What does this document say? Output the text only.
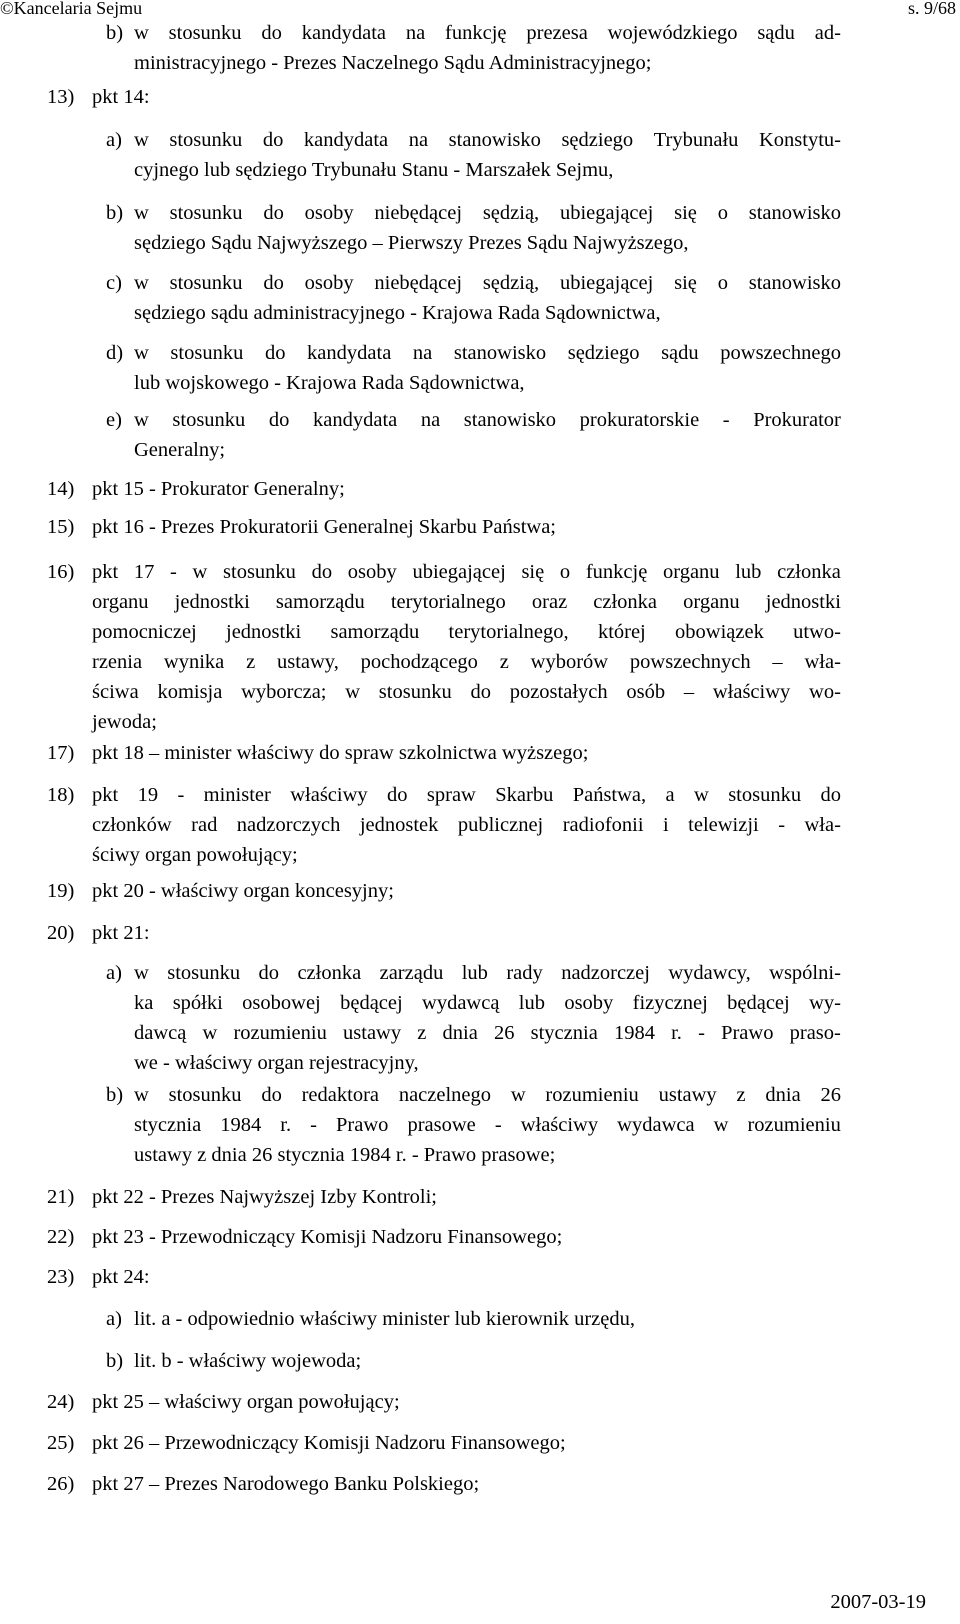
©Kancelaria Sejmu	s. 9/68
b) w stosunku do kandydata na funkcję prezesa wojewódzkiego sądu ad-
ministracyjnego - Prezes Naczelnego Sądu Administracyjnego;
13) pkt 14:
a) w stosunku do kandydata na stanowisko sędziego Trybunału Konstytu-
cyjnego lub sędziego Trybunału Stanu - Marszałek Sejmu,
b) w stosunku do osoby niebędącej sędzią, ubiegającej się o stanowisko
sędziego Sądu Najwyższego – Pierwszy Prezes Sądu Najwyższego,
c) w stosunku do osoby niebędącej sędzią, ubiegającej się o stanowisko
sędziego sądu administracyjnego - Krajowa Rada Sądownictwa,
d) w stosunku do kandydata na stanowisko sędziego sądu powszechnego
lub wojskowego - Krajowa Rada Sądownictwa,
e) w stosunku do kandydata na stanowisko prokuratorskie - Prokurator
Generalny;
14) pkt 15 - Prokurator Generalny;
15) pkt 16 - Prezes Prokuratorii Generalnej Skarbu Państwa;
16) pkt 17 - w stosunku do osoby ubiegającej się o funkcję organu lub członka
organu jednostki samorządu terytorialnego oraz członka organu jednostki
pomocniczej jednostki samorządu terytorialnego, której obowiązek utwo-
rzenia wynika z ustawy, pochodzącego z wyborów powszechnych – wła-
ściwa komisja wyborcza; w stosunku do pozostałych osób – właściwy wo-
jewoda;
17) pkt 18 – minister właściwy do spraw szkolnictwa wyższego;
18) pkt 19 - minister właściwy do spraw Skarbu Państwa, a w stosunku do
członków rad nadzorczych jednostek publicznej radiofonii i telewizji - wła-
ściwy organ powołujący;
19) pkt 20 - właściwy organ koncesyjny;
20) pkt 21:
a) w stosunku do członka zarządu lub rady nadzorczej wydawcy, wspólni-
ka spółki osobowej będącej wydawcą lub osoby fizycznej będącej wy-
dawcą w rozumieniu ustawy z dnia 26 stycznia 1984 r. - Prawo praso-
we - właściwy organ rejestracyjny,
b) w stosunku do redaktora naczelnego w rozumieniu ustawy z dnia 26
stycznia 1984 r. - Prawo prasowe - właściwy wydawca w rozumieniu
ustawy z dnia 26 stycznia 1984 r. - Prawo prasowe;
21) pkt 22 - Prezes Najwyższej Izby Kontroli;
22) pkt 23 - Przewodniczący Komisji Nadzoru Finansowego;
23) pkt 24:
a) lit. a - odpowiednio właściwy minister lub kierownik urzędu,
b) lit. b - właściwy wojewoda;
24) pkt 25 – właściwy organ powołujący;
25) pkt 26 – Przewodniczący Komisji Nadzoru Finansowego;
26) pkt 27 – Prezes Narodowego Banku Polskiego;
2007-03-19
